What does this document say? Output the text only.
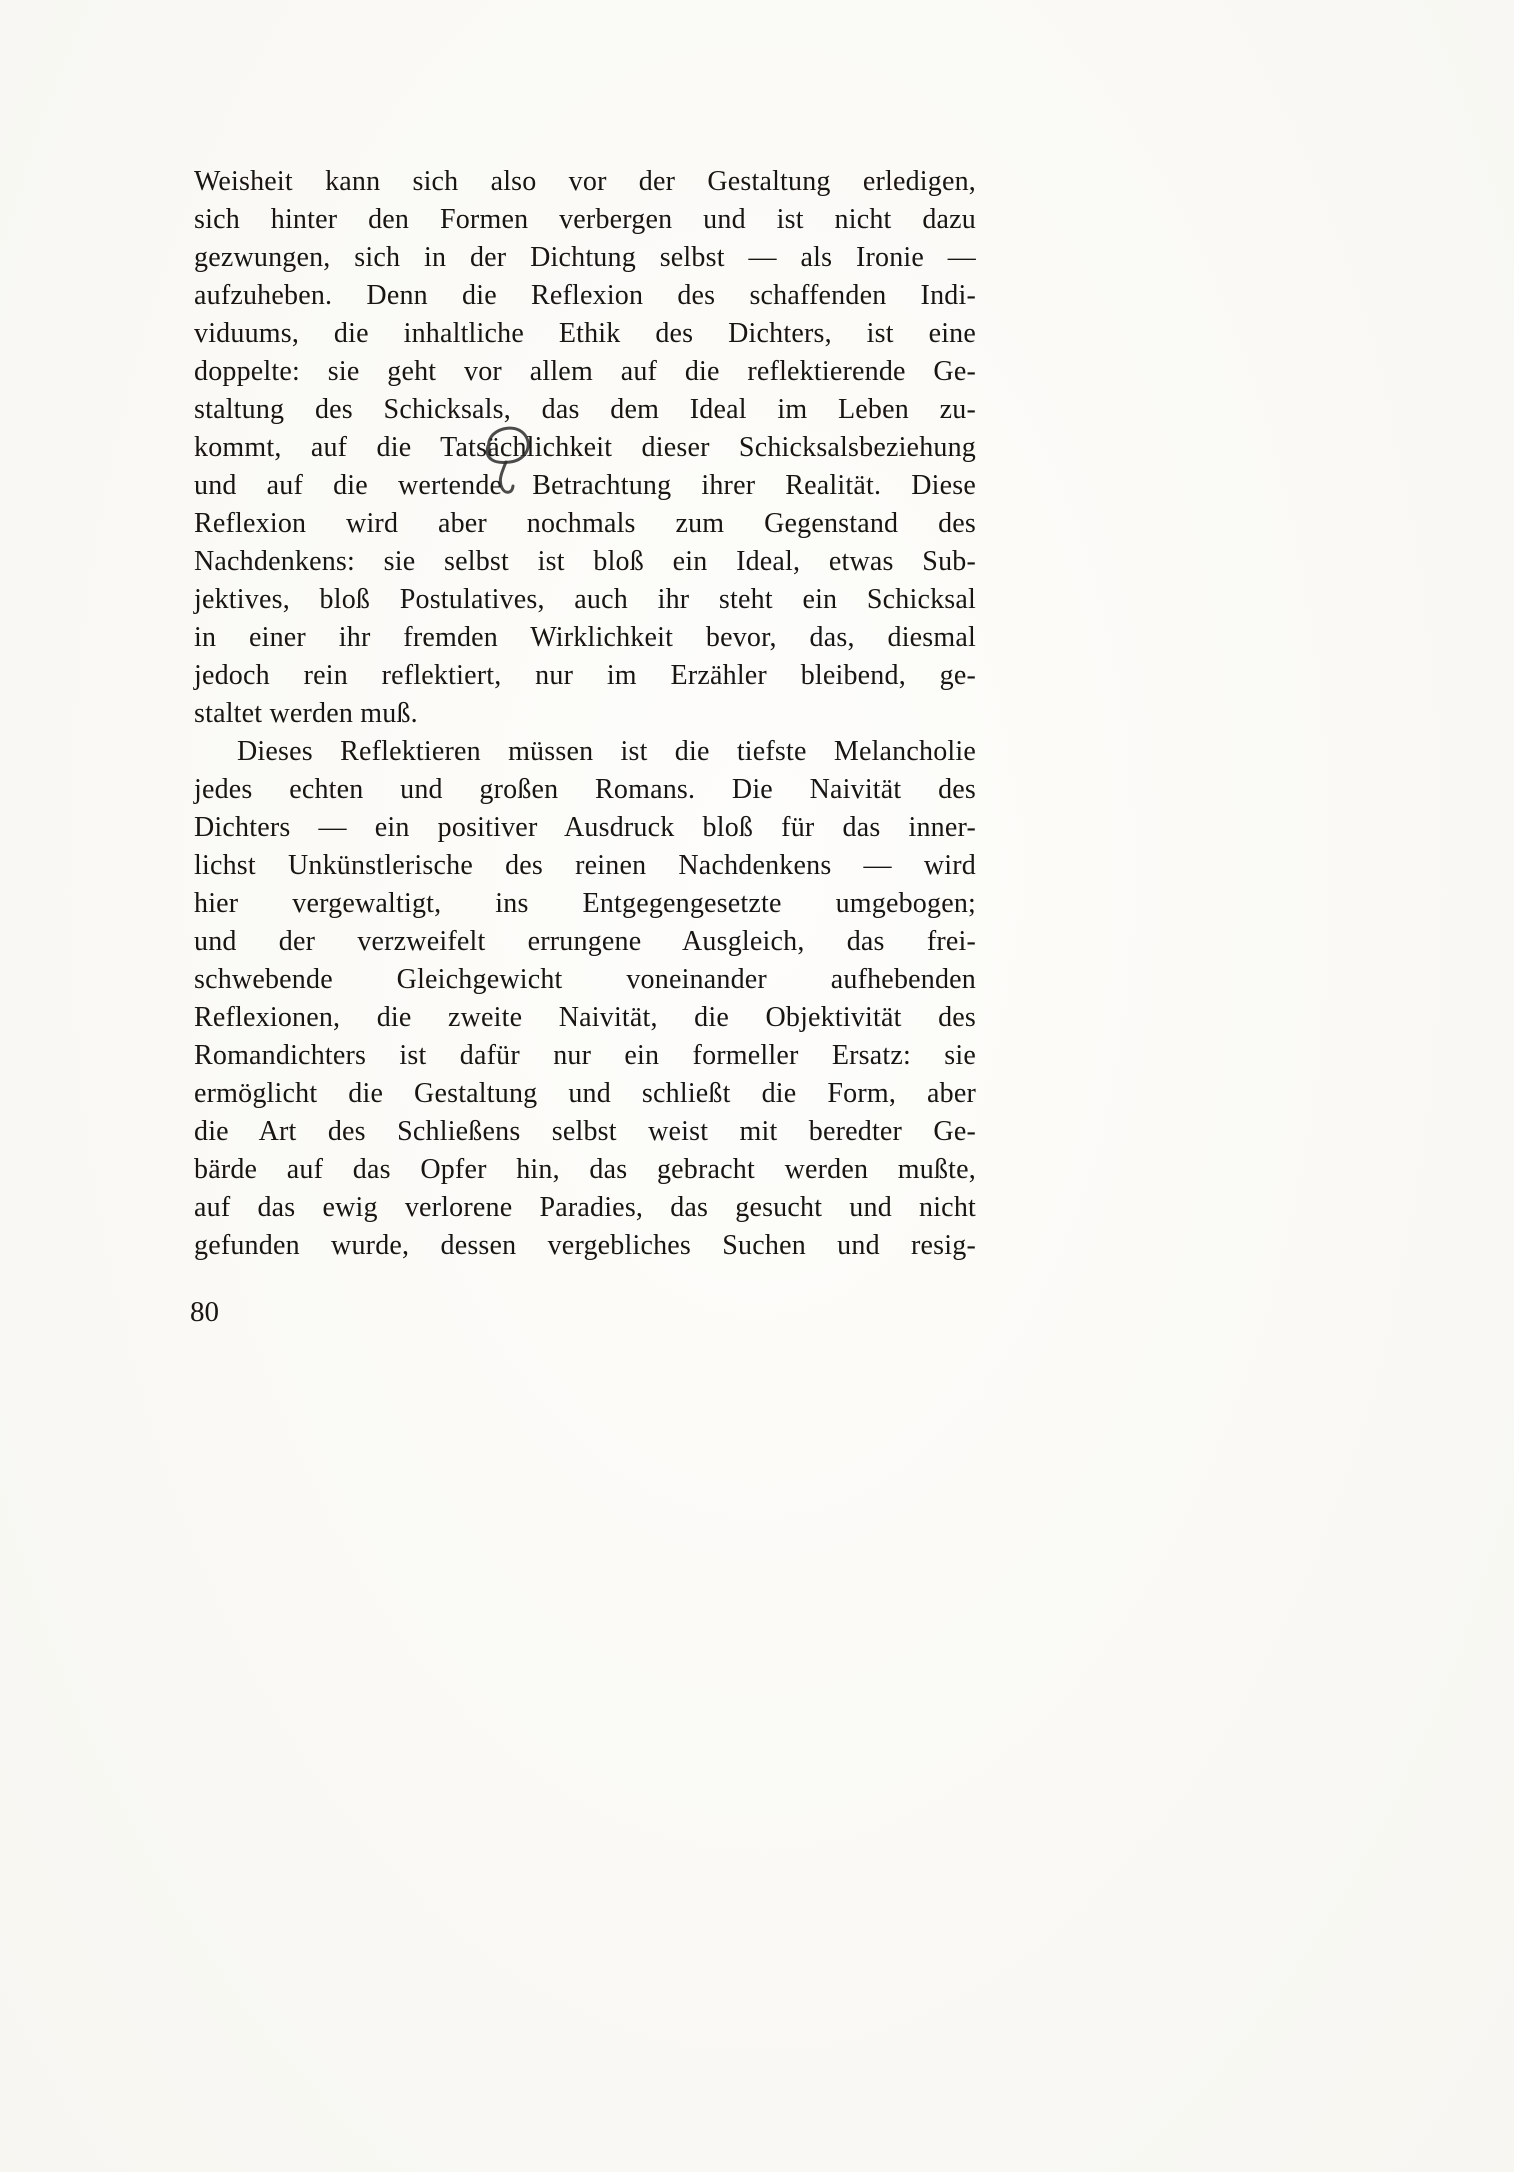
Weisheit kann sich also vor der Gestaltung erledigen,
sich hinter den Formen verbergen und ist nicht dazu
gezwungen, sich in der Dichtung selbst — als Ironie —
aufzuheben. Denn die Reflexion des schaffenden Indi-
viduums, die inhaltliche Ethik des Dichters, ist eine
doppelte: sie geht vor allem auf die reflektierende Ge-
staltung des Schicksals, das dem Ideal im Leben zu-
kommt, auf die Tatsächlichkeit dieser Schicksalsbeziehung
und auf die wertende Betrachtung ihrer Realität. Diese
Reflexion wird aber nochmals zum Gegenstand des
Nachdenkens: sie selbst ist bloß ein Ideal, etwas Sub-
jektives, bloß Postulatives, auch ihr steht ein Schicksal
in einer ihr fremden Wirklichkeit bevor, das, diesmal
jedoch rein reflektiert, nur im Erzähler bleibend, ge-
staltet werden muß.
Dieses Reflektieren müssen ist die tiefste Melancholie
jedes echten und großen Romans. Die Naivität des
Dichters — ein positiver Ausdruck bloß für das inner-
lichst Unkünstlerische des reinen Nachdenkens — wird
hier vergewaltigt, ins Entgegengesetzte umgebogen;
und der verzweifelt errungene Ausgleich, das frei-
schwebende Gleichgewicht voneinander aufhebenden
Reflexionen, die zweite Naivität, die Objektivität des
Romandichters ist dafür nur ein formeller Ersatz: sie
ermöglicht die Gestaltung und schließt die Form, aber
die Art des Schließens selbst weist mit beredter Ge-
bärde auf das Opfer hin, das gebracht werden mußte,
auf das ewig verlorene Paradies, das gesucht und nicht
gefunden wurde, dessen vergebliches Suchen und resig-
80
